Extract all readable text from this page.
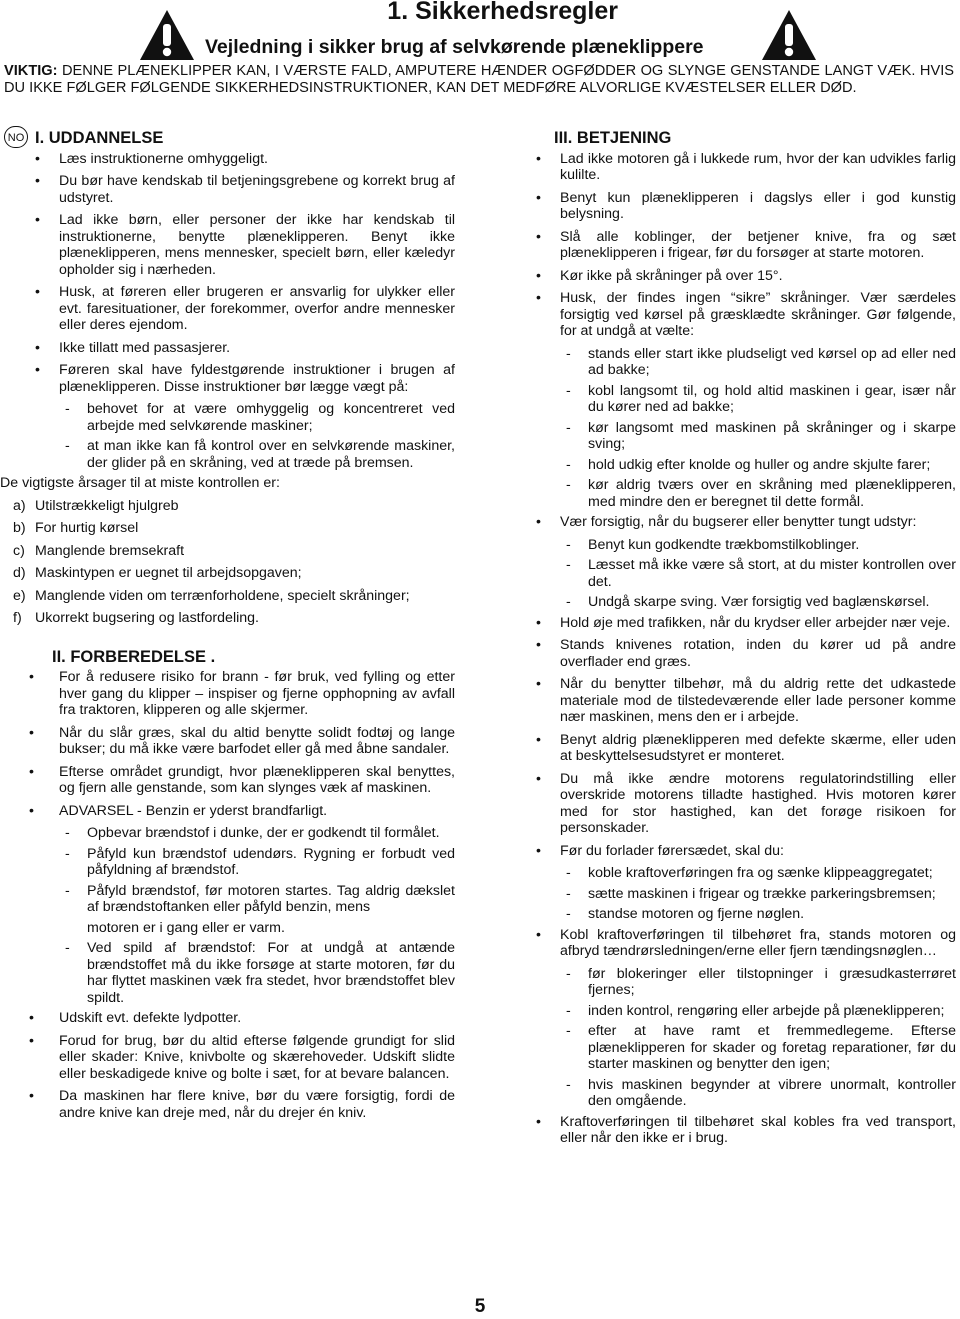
1. Sikkerhedsregler
Vejledning i sikker brug af selvkørende plæneklippere
VIKTIG: DENNE PLÆNEKLIPPER KAN, I VÆRSTE FALD, AMPUTERE HÆNDER OGFØDDER OG SLYNGE GENSTANDE LANGT VÆK. HVIS DU IKKE FØLGER FØLGENDE SIKKERHEDSINSTRUKTIONER, KAN DET MEDFØRE ALVORLIGE KVÆSTELSER ELLER DØD.
NO I. UDDANNELSE
• Læs instruktionerne omhyggeligt.
• Du bør have kendskab til betjeningsgrebene og korrekt brug af udstyret.
• Lad ikke børn, eller personer der ikke har kendskab til instruktionerne, benytte plæneklipperen. Benyt ikke plæneklipperen, mens mennesker, specielt børn, eller kæledyr opholder sig i nærheden.
• Husk, at føreren eller brugeren er ansvarlig for ulykker eller evt. faresituationer, der forekommer, overfor andre mennesker eller deres ejendom.
• Ikke tillatt med passasjerer.
• Føreren skal have fyldestgørende instruktioner i brugen af plæneklipperen. Disse instruktioner bør lægge vægt på:
- behovet for at være omhyggelig og koncentreret ved arbejde med selvkørende maskiner;
- at man ikke kan få kontrol over en selvkørende maskiner, der glider på en skråning, ved at træde på bremsen.
De vigtigste årsager til at miste kontrollen er:
a) Utilstrækkeligt hjulgreb
b) For hurtig kørsel
c) Manglende bremsekraft
d) Maskintypen er uegnet til arbejdsopgaven;
e) Manglende viden om terrænforholdene, specielt skråninger;
f) Ukorrekt bugsering og lastfordeling.
II. FORBEREDELSE .
• For å redusere risiko for brann - før bruk, ved fylling og etter hver gang du klipper – inspiser og fjerne opphopning av avfall fra traktoren, klipperen og alle skjermer.
• Når du slår græs, skal du altid benytte solidt fodtøj og lange bukser; du må ikke være barfodet eller gå med åbne sandaler.
• Efterse området grundigt, hvor plæneklipperen skal benyttes, og fjern alle genstande, som kan slynges væk af maskinen.
• ADVARSEL - Benzin er yderst brandfarligt.
- Opbevar brændstof i dunke, der er godkendt til formålet.
- Påfyld kun brændstof udendørs. Rygning er forbudt ved påfyldning af brændstof.
- Påfyld brændstof, før motoren startes. Tag aldrig dækslet af brændstoftanken eller påfyld benzin, mens
motoren er i gang eller er varm.
- Ved spild af brændstof: For at undgå at antænde brændstoffet må du ikke forsøge at starte motoren, før du har flyttet maskinen væk fra stedet, hvor brændstoffet blev spildt.
• Udskift evt. defekte lydpotter.
• Forud for brug, bør du altid efterse følgende grundigt for slid eller skader: Knive, knivbolte og skærehoveder. Udskift slidte eller beskadigede knive og bolte i sæt, for at bevare balancen.
• Da maskinen har flere knive, bør du være forsigtig, fordi de andre knive kan dreje med, når du drejer én kniv.
III. BETJENING
• Lad ikke motoren gå i lukkede rum, hvor der kan udvikles farlig kulilte.
• Benyt kun plæneklipperen i dagslys eller i god kunstig belysning.
• Slå alle koblinger, der betjener knive, fra og sæt plæneklipperen i frigear, før du forsøger at starte motoren.
• Kør ikke på skråninger på over 15°.
• Husk, der findes ingen “sikre” skråninger. Vær særdeles forsigtig ved kørsel på græsklædte skråninger. Gør følgende, for at undgå at vælte:
- stands eller start ikke pludseligt ved kørsel op ad eller ned ad bakke;
- kobl langsomt til, og hold altid maskinen i gear, især når du kører ned ad bakke;
- kør langsomt med maskinen på skråninger og i skarpe sving;
- hold udkig efter knolde og huller og andre skjulte farer;
- kør aldrig tværs over en skråning med plæneklipperen, med mindre den er beregnet til dette formål.
• Vær forsigtig, når du bugserer eller benytter tungt udstyr:
- Benyt kun godkendte trækbomstilkoblinger.
- Læsset må ikke være så stort, at du mister kontrollen over det.
- Undgå skarpe sving. Vær forsigtig ved baglænskørsel.
• Hold øje med trafikken, når du krydser eller arbejder nær veje.
• Stands knivenes rotation, inden du kører ud på andre overflader end græs.
• Når du benytter tilbehør, må du aldrig rette det udkastede materiale mod de tilstedeværende eller lade personer komme nær maskinen, mens den er i arbejde.
• Benyt aldrig plæneklipperen med defekte skærme, eller uden at beskyttelsesudstyret er monteret.
• Du må ikke ændre motorens regulatorindstilling eller overskride motorens tilladte hastighed. Hvis motoren kører med for stor hastighed, kan det forøge risikoen for personskader.
• Før du forlader førersædet, skal du:
- koble kraftoverføringen fra og sænke klippeaggregatet;
- sætte maskinen i frigear og trække parkeringsbremsen;
- standse motoren og fjerne nøglen.
• Kobl kraftoverføringen til tilbehøret fra, stands motoren og afbryd tændrørsledningen/erne eller fjern tændingsnøglen…
- før blokeringer eller tilstopninger i græsudkasterrøret fjernes;
- inden kontrol, rengøring eller arbejde på plæneklipperen;
- efter at have ramt et fremmedlegeme. Efterse plæneklipperen for skader og foretag reparationer, før du starter maskinen og benytter den igen;
- hvis maskinen begynder at vibrere unormalt, kontroller den omgående.
• Kraftoverføringen til tilbehøret skal kobles fra ved transport, eller når den ikke er i brug.
5
